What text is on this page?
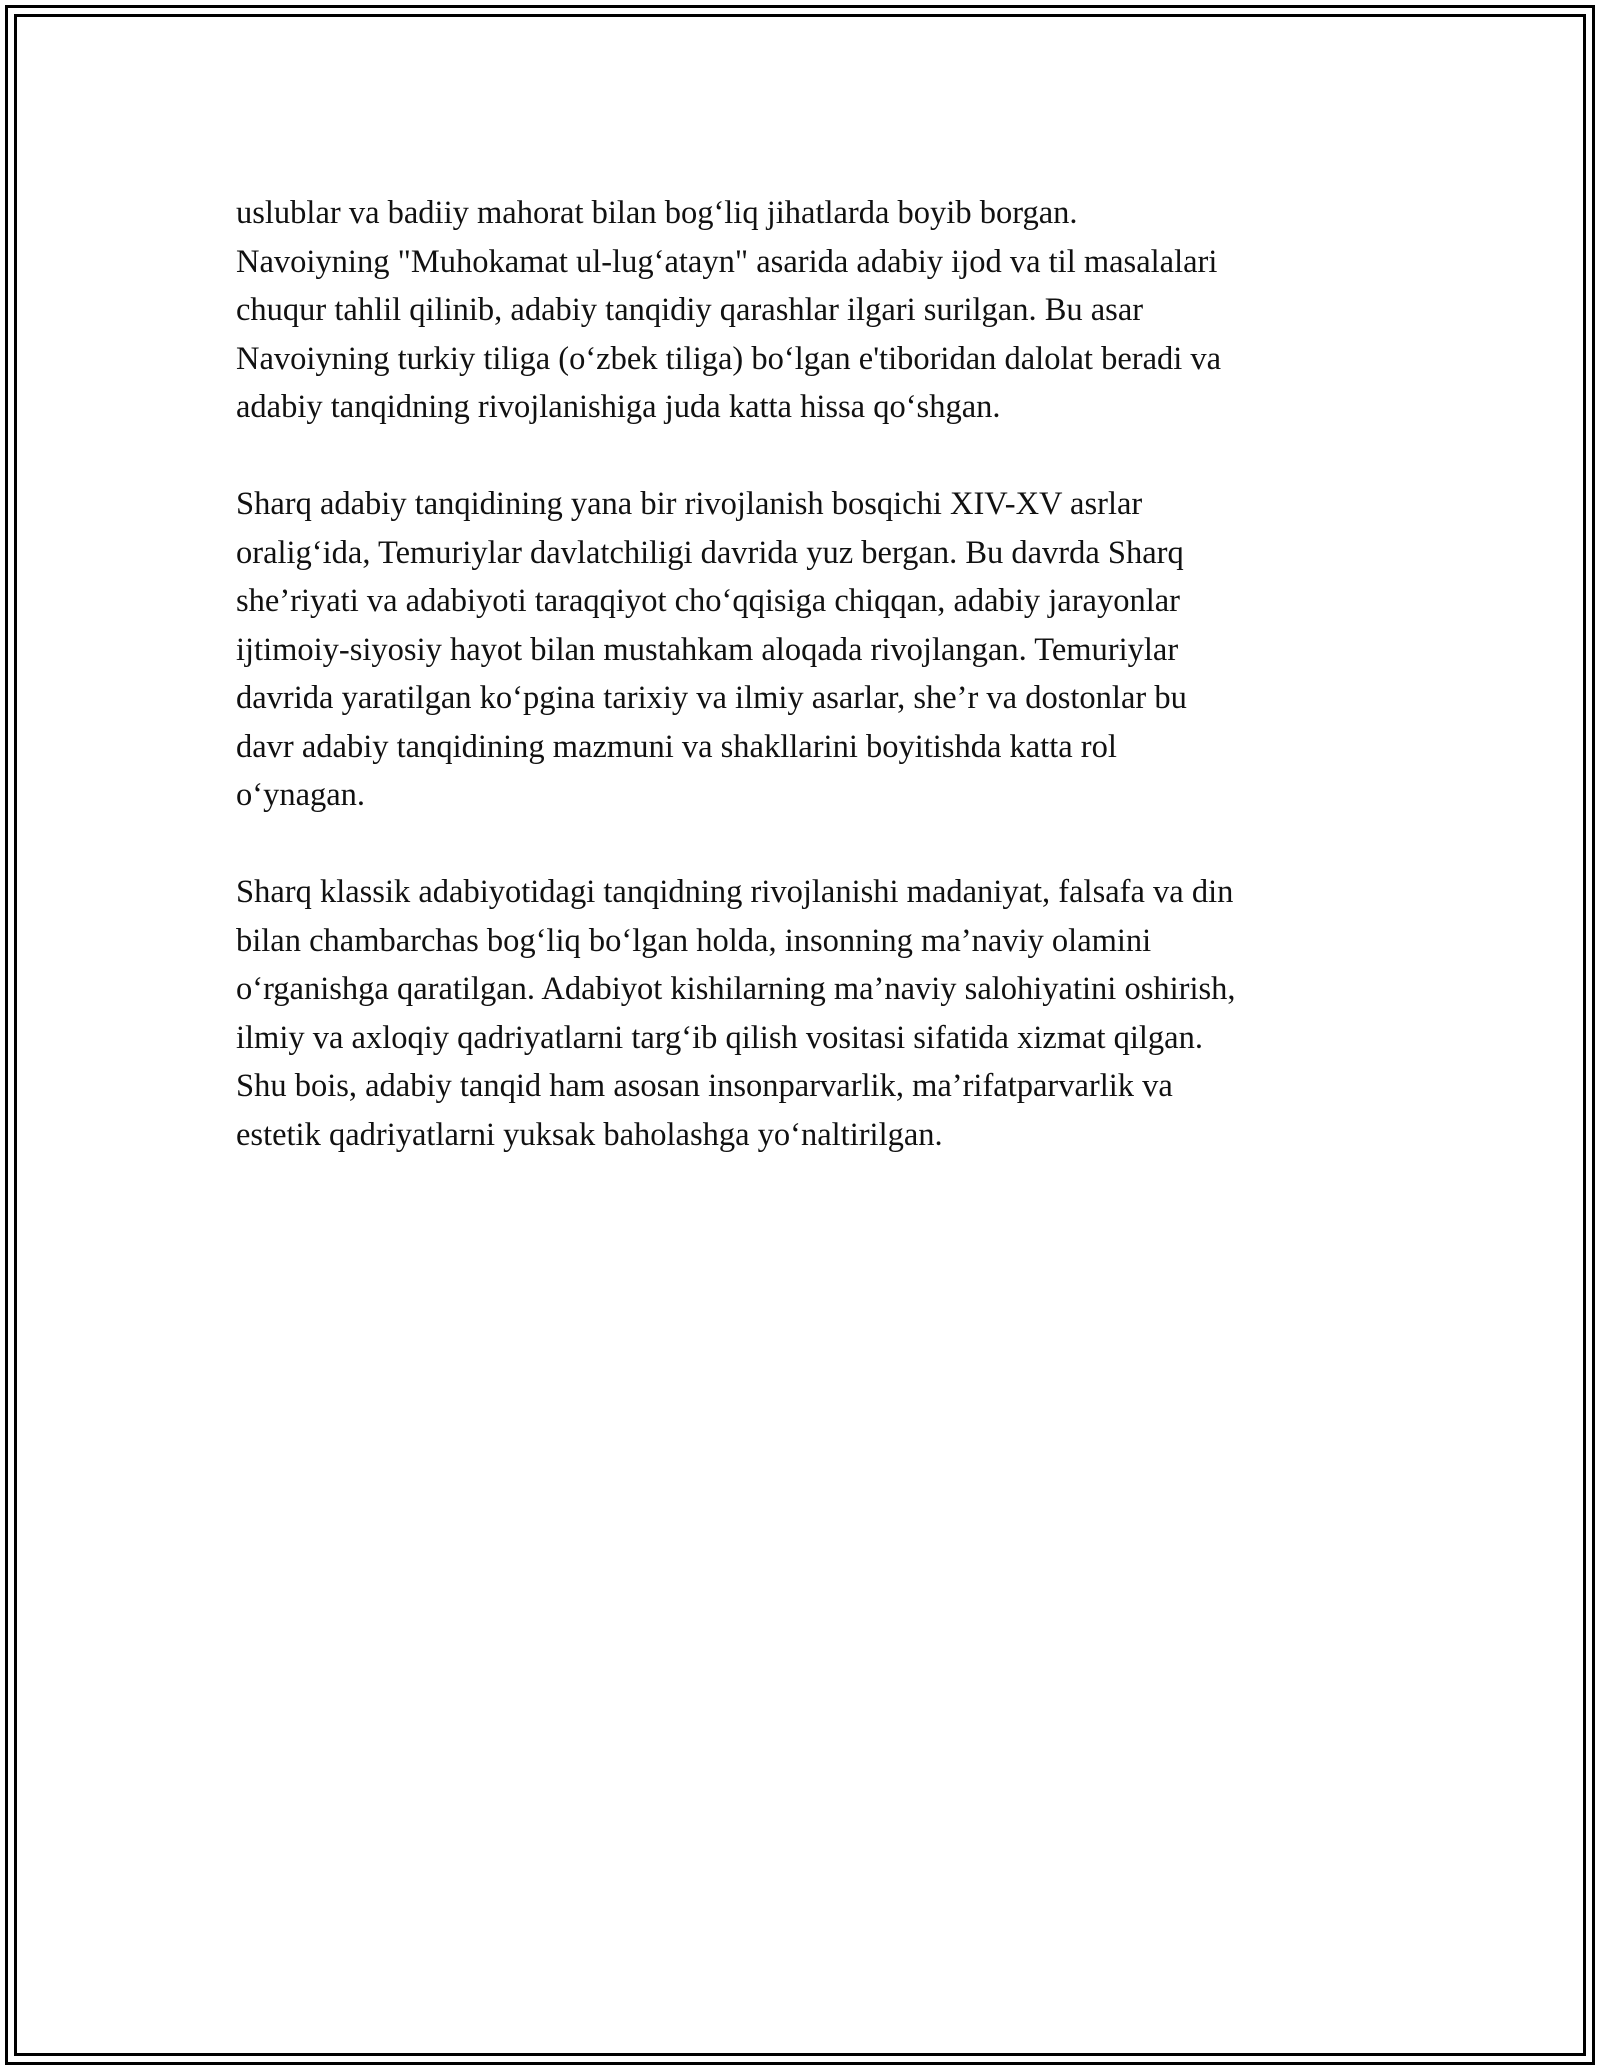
uslublar va badiiy mahorat bilan bog‘liq jihatlarda boyib borgan.
Navoiyning "Muhokamat ul-lug‘atayn" asarida adabiy ijod va til masalalari
chuqur tahlil qilinib, adabiy tanqidiy qarashlar ilgari surilgan. Bu asar
Navoiyning turkiy tiliga (o‘zbek tiliga) bo‘lgan e'tiboridan dalolat beradi va
adabiy tanqidning rivojlanishiga juda katta hissa qo‘shgan.

Sharq adabiy tanqidining yana bir rivojlanish bosqichi XIV-XV asrlar
oralig‘ida, Temuriylar davlatchiligi davrida yuz bergan. Bu davrda Sharq
she’riyati va adabiyoti taraqqiyot cho‘qqisiga chiqqan, adabiy jarayonlar
ijtimoiy-siyosiy hayot bilan mustahkam aloqada rivojlangan. Temuriylar
davrida yaratilgan ko‘pgina tarixiy va ilmiy asarlar, she’r va dostonlar bu
davr adabiy tanqidining mazmuni va shakllarini boyitishda katta rol
o‘ynagan.

Sharq klassik adabiyotidagi tanqidning rivojlanishi madaniyat, falsafa va din
bilan chambarchas bog‘liq bo‘lgan holda, insonning ma’naviy olamini
o‘rganishga qaratilgan. Adabiyot kishilarning ma’naviy salohiyatini oshirish,
ilmiy va axloqiy qadriyatlarni targ‘ib qilish vositasi sifatida xizmat qilgan.
Shu bois, adabiy tanqid ham asosan insonparvarlik, ma’rifatparvarlik va
estetik qadriyatlarni yuksak baholashga yo‘naltirilgan.
